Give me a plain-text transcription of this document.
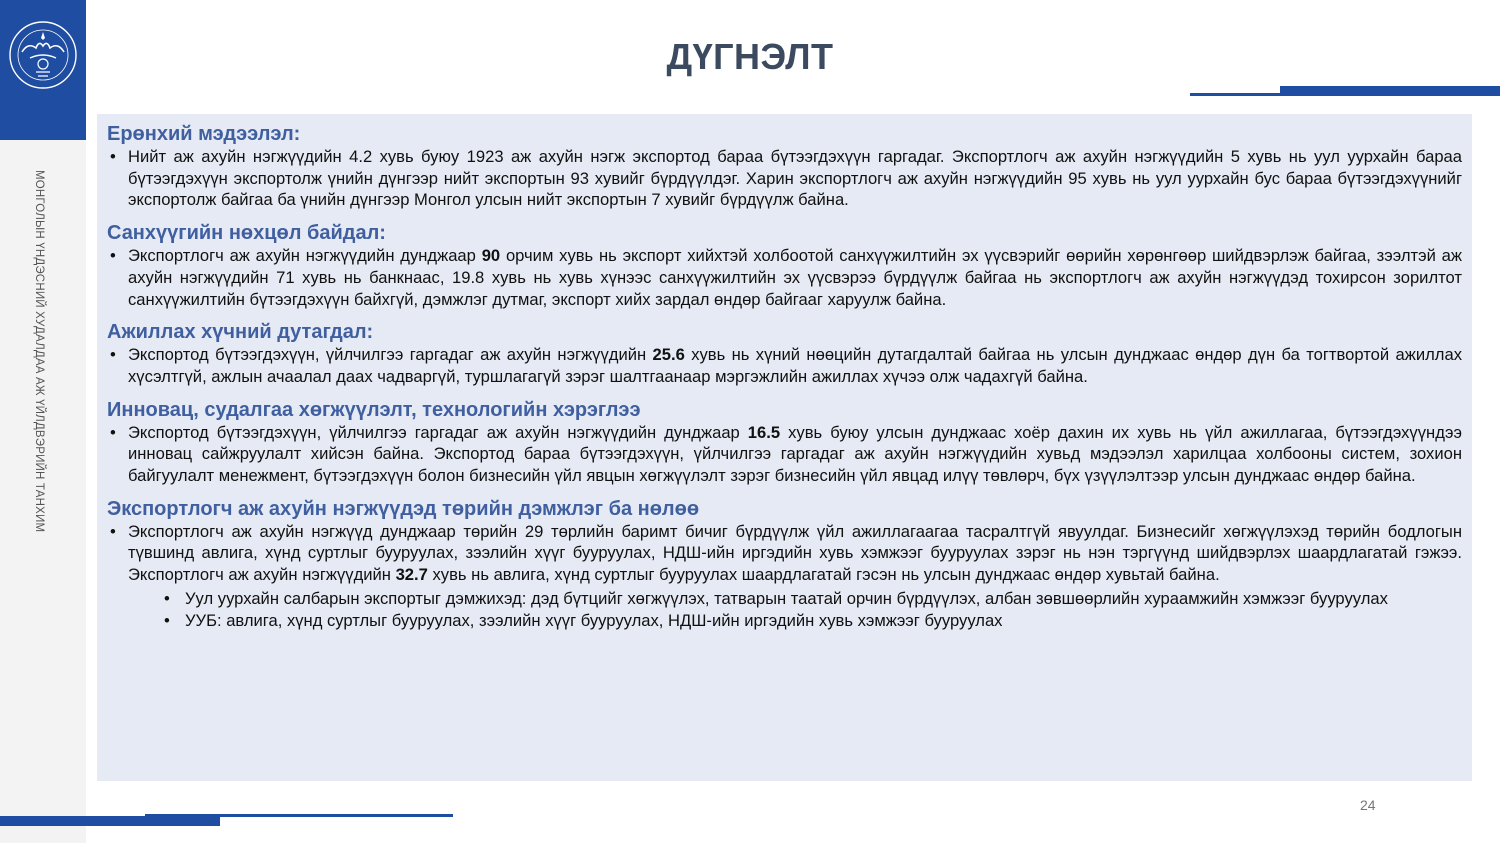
МОНГОЛЫН ҮНДЭСНИЙ ХУДАЛДАА АЖ ҮЙЛДВЭРИЙН ТАНХИМ
ДҮГНЭЛТ
Ерөнхий мэдээлэл:
• Нийт аж ахуйн нэгжүүдийн 4.2 хувь буюу 1923 аж ахуйн нэгж экспортод бараа бүтээгдэхүүн гаргадаг. Экспортлогч аж ахуйн нэгжүүдийн 5 хувь нь уул уурхайн бараа бүтээгдэхүүн экспортолж үнийн дүнгээр нийт экспортын 93 хувийг бүрдүүлдэг. Харин экспортлогч аж ахуйн нэгжүүдийн 95 хувь нь уул уурхайн бус бараа бүтээгдэхүүнийг экспортолж байгаа ба үнийн дүнгээр Монгол улсын нийт экспортын 7 хувийг бүрдүүлж байна.
Санхүүгийн нөхцөл байдал:
• Экспортлогч аж ахуйн нэгжүүдийн дунджаар 90 орчим хувь нь экспорт хийхтэй холбоотой санхүүжилтийн эх үүсвэрийг өөрийн хөрөнгөөр шийдвэрлэж байгаа, зээлтэй аж ахуйн нэгжүүдийн 71 хувь нь банкнаас, 19.8 хувь нь хувь хүнээс санхүүжилтийн эх үүсвэрээ бүрдүүлж байгаа нь экспортлогч аж ахуйн нэгжүүдэд тохирсон зорилтот санхүүжилтийн бүтээгдэхүүн байхгүй, дэмжлэг дутмаг, экспорт хийх зардал өндөр байгааг харуулж байна.
Ажиллах хүчний дутагдал:
• Экспортод бүтээгдэхүүн, үйлчилгээ гаргадаг аж ахуйн нэгжүүдийн 25.6 хувь нь хүний нөөцийн дутагдалтай байгаа нь улсын дунджаас өндөр дүн ба тогтвортой ажиллах хүсэлтгүй, ажлын ачаалал даах чадваргүй, туршлагагүй зэрэг шалтгаанаар мэргэжлийн ажиллах хүчээ олж чадахгүй байна.
Инновац, судалгаа хөгжүүлэлт, технологийн хэрэглээ
• Экспортод бүтээгдэхүүн, үйлчилгээ гаргадаг аж ахуйн нэгжүүдийн дунджаар 16.5 хувь буюу улсын дунджаас хоёр дахин их хувь нь үйл ажиллагаа, бүтээгдэхүүндээ инновац сайжруулалт хийсэн байна. Экспортод бараа бүтээгдэхүүн, үйлчилгээ гаргадаг аж ахуйн нэгжүүдийн хувьд мэдээлэл харилцаа холбооны систем, зохион байгуулалт менежмент, бүтээгдэхүүн болон бизнесийн үйл явцын хөгжүүлэлт зэрэг бизнесийн үйл явцад илүү төвлөрч, бүх үзүүлэлтээр улсын дунджаас өндөр байна.
Экспортлогч аж ахуйн нэгжүүдэд төрийн дэмжлэг ба нөлөө
• Экспортлогч аж ахуйн нэгжүүд дунджаар төрийн 29 төрлийн баримт бичиг бүрдүүлж үйл ажиллагаагаа тасралтгүй явуулдаг. Бизнесийг хөгжүүлэхэд төрийн бодлогын түвшинд авлига, хүнд суртлыг бууруулах, зээлийн хүүг бууруулах, НДШ-ийн иргэдийн хувь хэмжээг бууруулах зэрэг нь нэн тэргүүнд шийдвэрлэх шаардлагатай гэжээ. Экспортлогч аж ахуйн нэгжүүдийн 32.7 хувь нь авлига, хүнд суртлыг бууруулах шаардлагатай гэсэн нь улсын дунджаас өндөр хувьтай байна.
• Уул уурхайн салбарын экспортыг дэмжихэд: дэд бүтцийг хөгжүүлэх, татварын таатай орчин бүрдүүлэх, албан зөвшөөрлийн хураамжийн хэмжээг бууруулах
• УУБ: авлига, хүнд суртлыг бууруулах, зээлийн хүүг бууруулах, НДШ-ийн иргэдийн хувь хэмжээг бууруулах
24
